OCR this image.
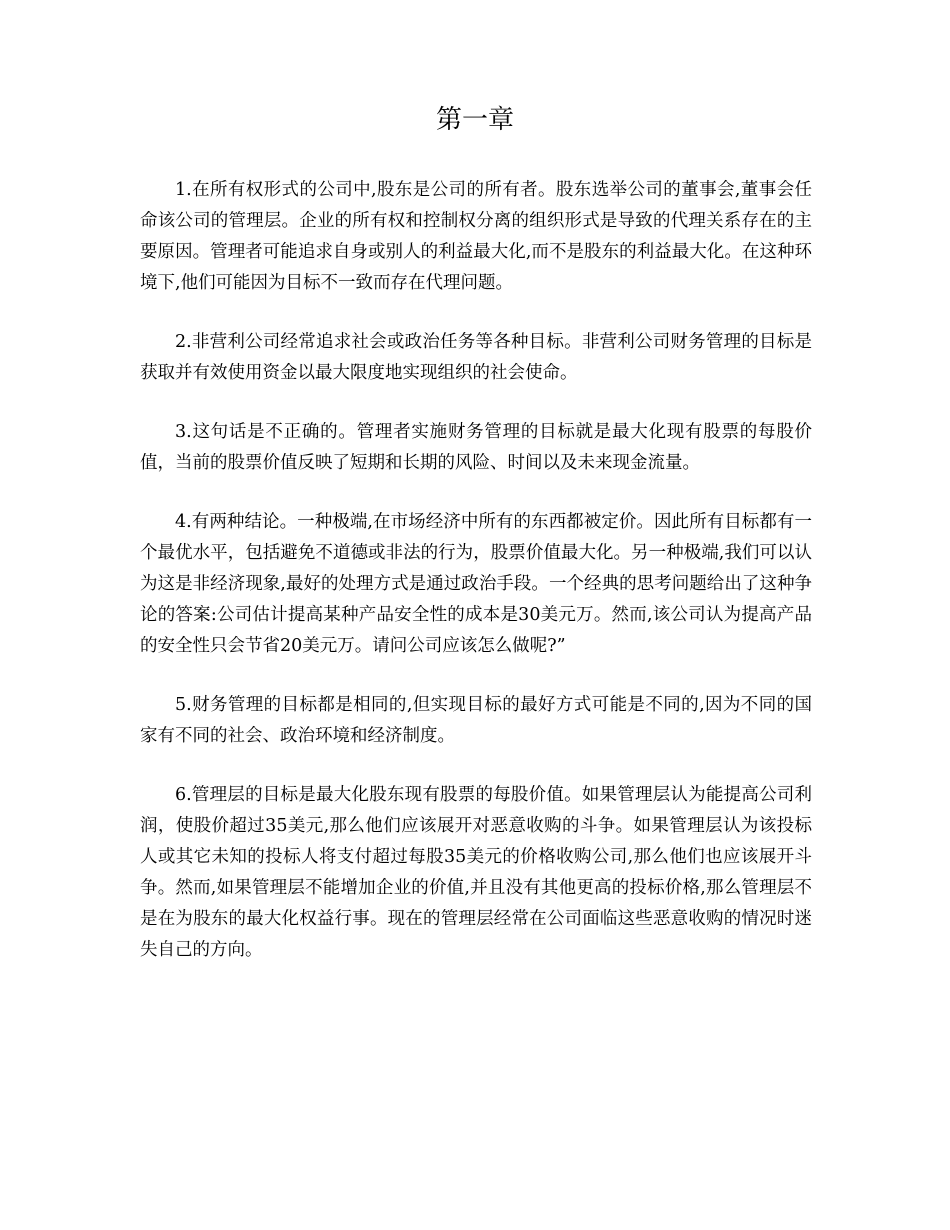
第一章

1.在所有权形式的公司中,股东是公司的所有者。股东选举公司的董事会,董事会任命该公司的管理层。企业的所有权和控制权分离的组织形式是导致的代理关系存在的主要原因。管理者可能追求自身或别人的利益最大化,而不是股东的利益最大化。在这种环境下,他们可能因为目标不一致而存在代理问题。

2.非营利公司经常追求社会或政治任务等各种目标。非营利公司财务管理的目标是获取并有效使用资金以最大限度地实现组织的社会使命。

3.这句话是不正确的。管理者实施财务管理的目标就是最大化现有股票的每股价值，当前的股票价值反映了短期和长期的风险、时间以及未来现金流量。

4.有两种结论。一种极端,在市场经济中所有的东西都被定价。因此所有目标都有一个最优水平，包括避免不道德或非法的行为，股票价值最大化。另一种极端,我们可以认为这是非经济现象,最好的处理方式是通过政治手段。一个经典的思考问题给出了这种争论的答案:公司估计提高某种产品安全性的成本是30美元万。然而,该公司认为提高产品的安全性只会节省20美元万。请问公司应该怎么做呢?”

5.财务管理的目标都是相同的,但实现目标的最好方式可能是不同的,因为不同的国家有不同的社会、政治环境和经济制度。

6.管理层的目标是最大化股东现有股票的每股价值。如果管理层认为能提高公司利润，使股价超过35美元,那么他们应该展开对恶意收购的斗争。如果管理层认为该投标人或其它未知的投标人将支付超过每股35美元的价格收购公司,那么他们也应该展开斗争。然而,如果管理层不能增加企业的价值,并且没有其他更高的投标价格,那么管理层不是在为股东的最大化权益行事。现在的管理层经常在公司面临这些恶意收购的情况时迷失自己的方向。
